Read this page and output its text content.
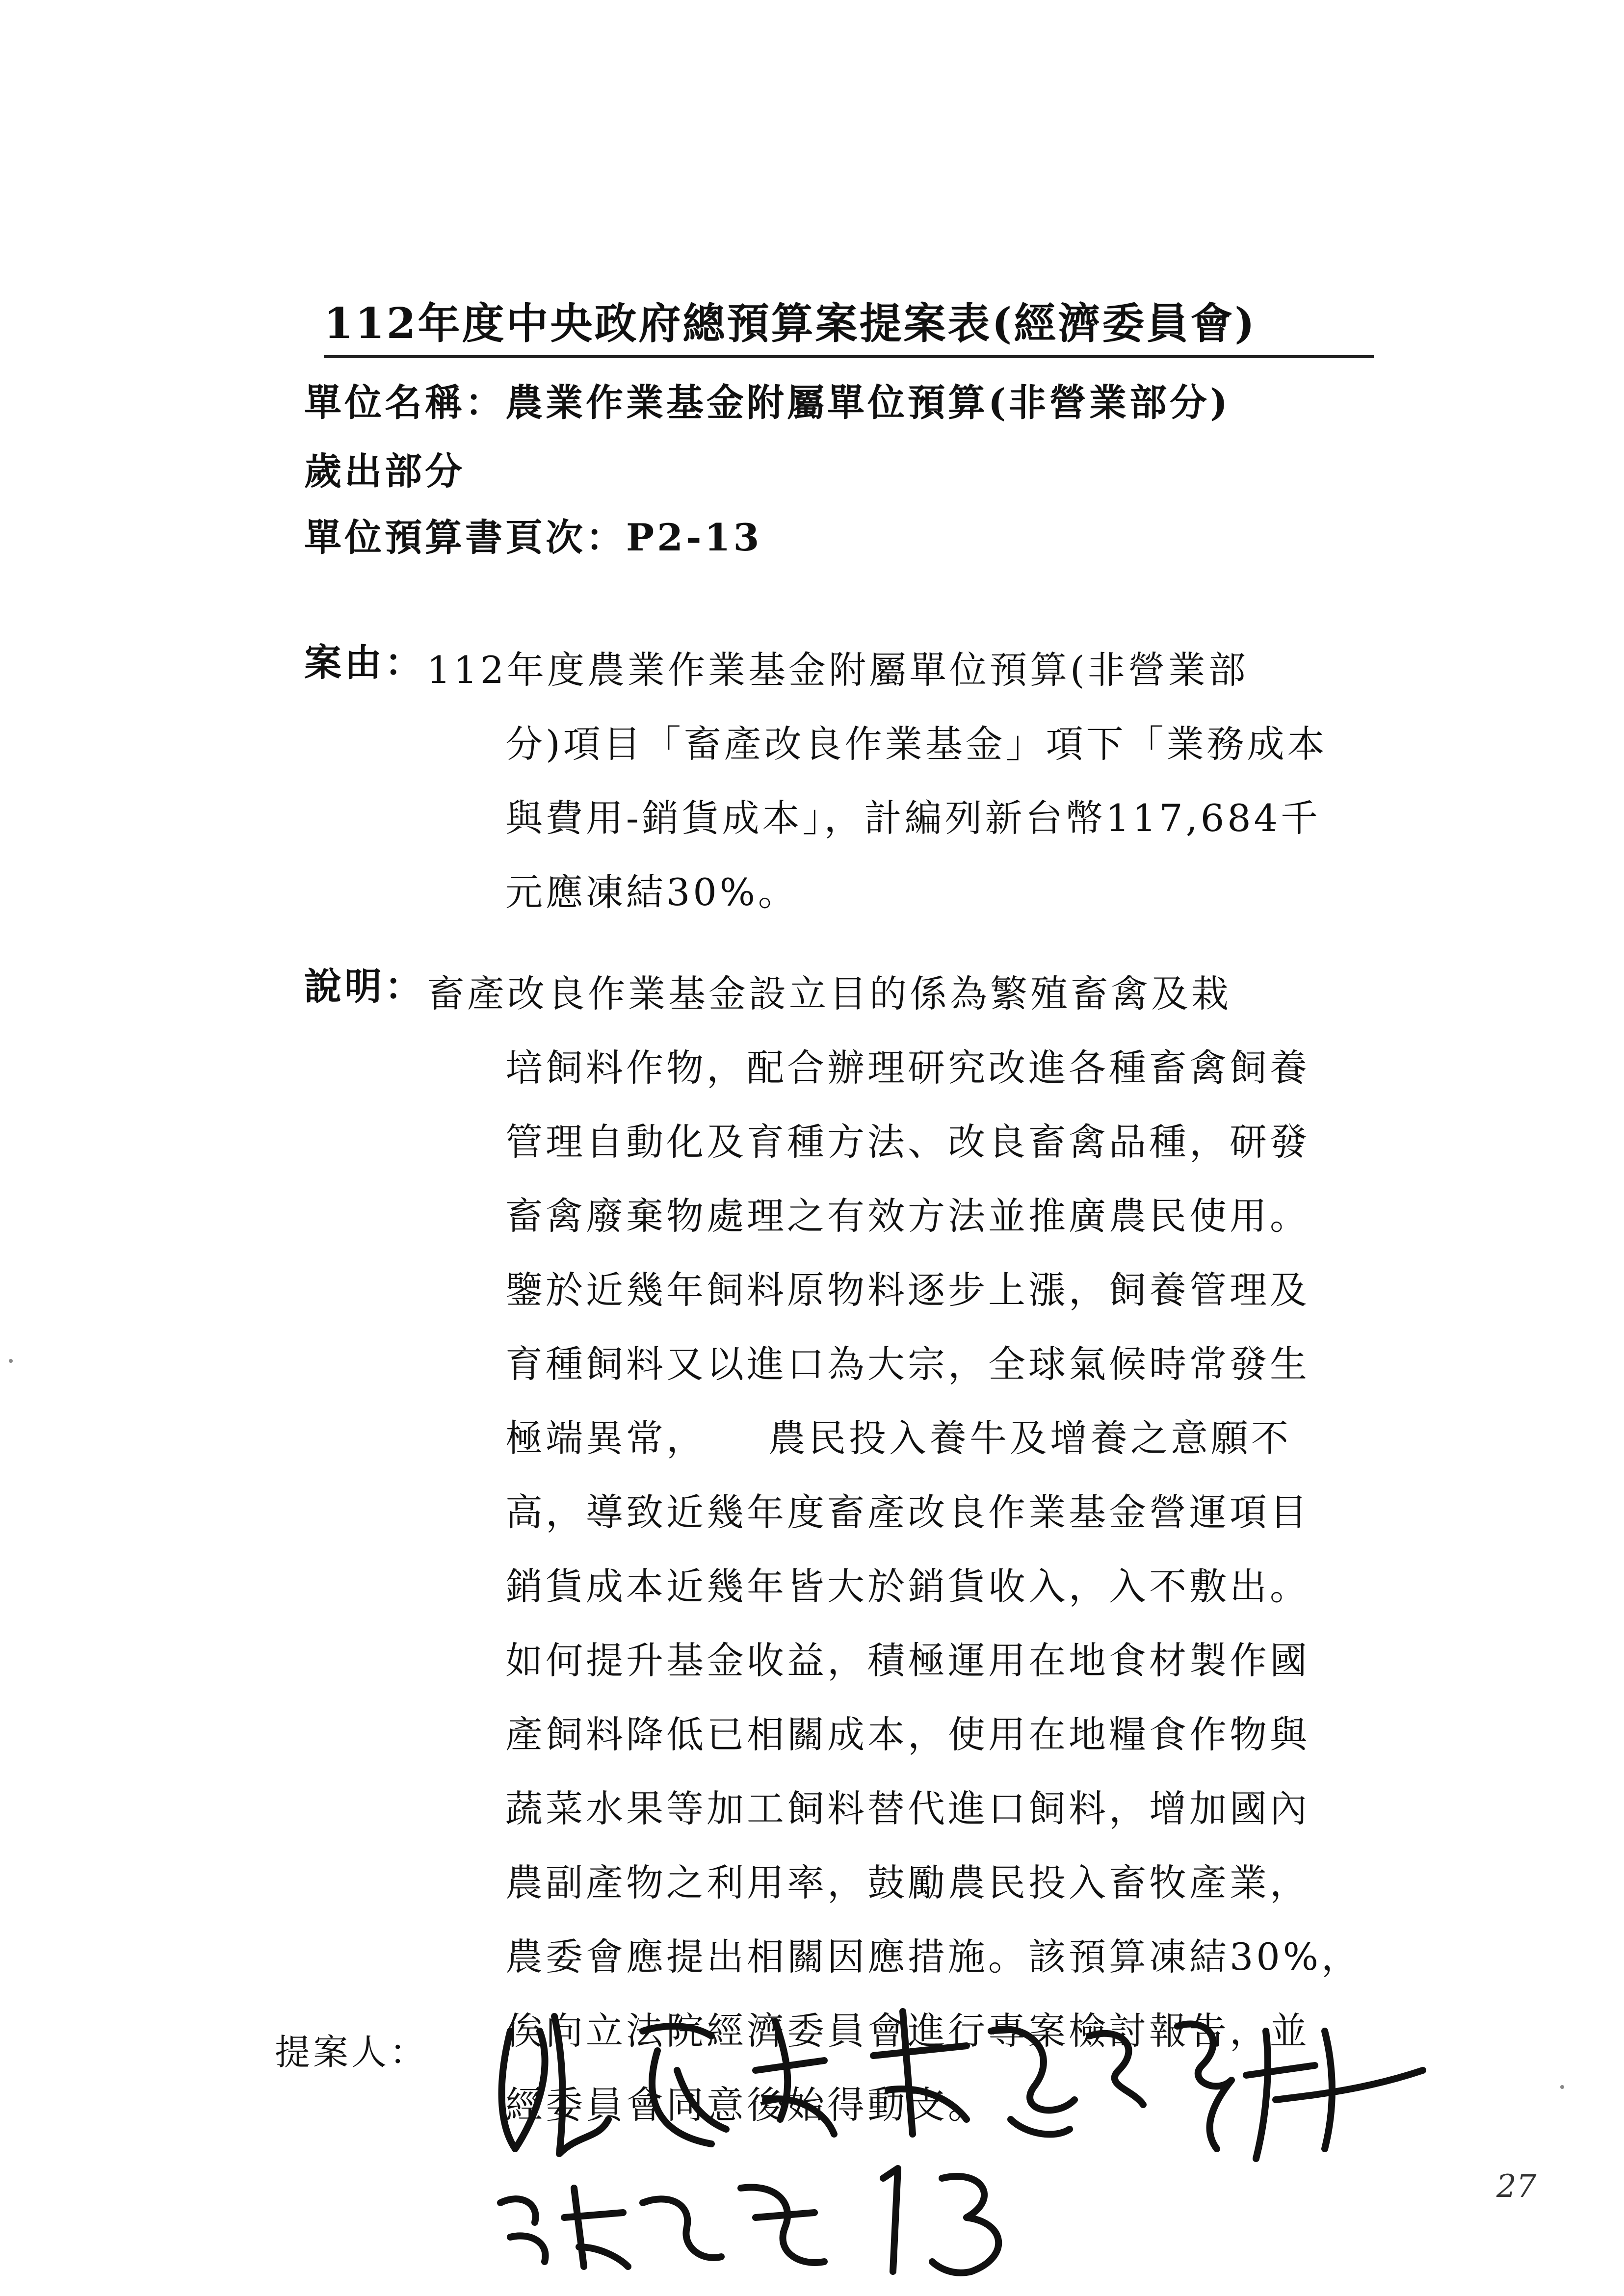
112年度中央政府總預算案提案表(經濟委員會)
單位名稱：農業作業基金附屬單位預算(非營業部分)
歲出部分
單位預算書頁次：P2-13
案由： 112年度農業作業基金附屬單位預算(非營業部

分)項目「畜產改良作業基金」項下「業務成本

與費用-銷貨成本」，計編列新台幣117,684千

元應凍結30%。

說明： 畜產改良作業基金設立目的係為繁殖畜禽及栽

培飼料作物，配合辦理研究改進各種畜禽飼養

管理自動化及育種方法、改良畜禽品種，研發

畜禽廢棄物處理之有效方法並推廣農民使用。

鑒於近幾年飼料原物料逐步上漲，飼養管理及

育種飼料又以進口為大宗，全球氣候時常發生

極端異常，　　農民投入養牛及增養之意願不

高，導致近幾年度畜產改良作業基金營運項目

銷貨成本近幾年皆大於銷貨收入，入不敷出。

如何提升基金收益，積極運用在地食材製作國

產飼料降低已相關成本，使用在地糧食作物與

蔬菜水果等加工飼料替代進口飼料，增加國內

農副產物之利用率，鼓勵農民投入畜牧產業，

農委會應提出相關因應措施。該預算凍結30%，

俟向立法院經濟委員會進行專案檢討報告，並

經委員會同意後始得動支。

提案人：
27
